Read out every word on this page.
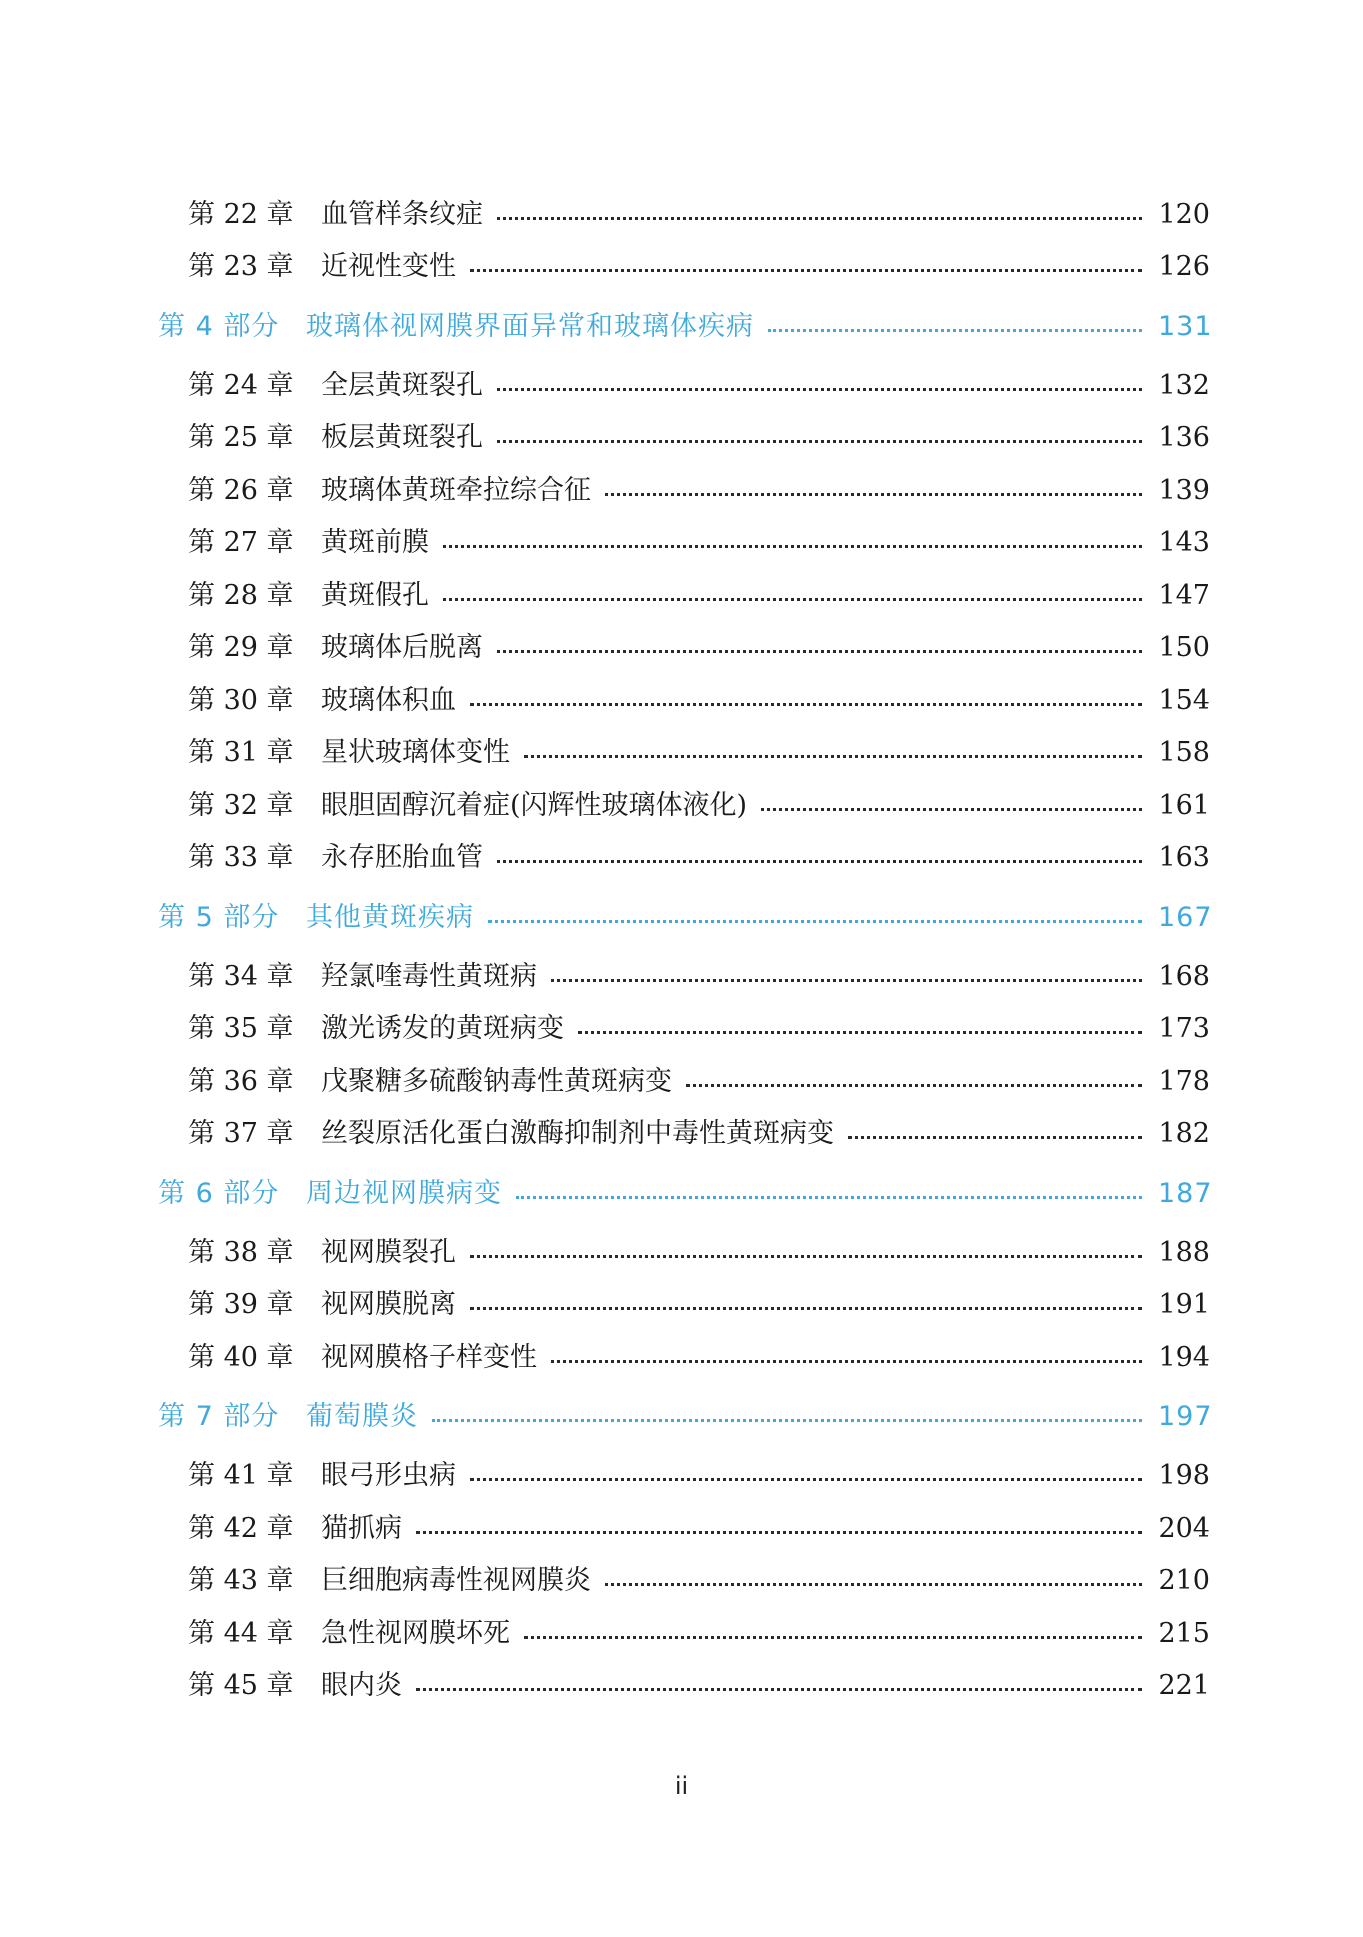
第 22 章	血管样条纹症	120
第 23 章	近视性变性	126
第 4 部分 玻璃体视网膜界面异常和玻璃体疾病	131
第 24 章	全层黄斑裂孔	132
第 25 章	板层黄斑裂孔	136
第 26 章	玻璃体黄斑牵拉综合征	139
第 27 章	黄斑前膜	143
第 28 章	黄斑假孔	147
第 29 章	玻璃体后脱离	150
第 30 章	玻璃体积血	154
第 31 章	星状玻璃体变性	158
第 32 章	眼胆固醇沉着症(闪辉性玻璃体液化)	161
第 33 章	永存胚胎血管	163
第 5 部分 其他黄斑疾病	167
第 34 章	羟氯喹毒性黄斑病	168
第 35 章	激光诱发的黄斑病变	173
第 36 章	戊聚糖多硫酸钠毒性黄斑病变	178
第 37 章	丝裂原活化蛋白激酶抑制剂中毒性黄斑病变	182
第 6 部分 周边视网膜病变	187
第 38 章	视网膜裂孔	188
第 39 章	视网膜脱离	191
第 40 章	视网膜格子样变性	194
第 7 部分 葡萄膜炎	197
第 41 章	眼弓形虫病	198
第 42 章	猫抓病	204
第 43 章	巨细胞病毒性视网膜炎	210
第 44 章	急性视网膜坏死	215
第 45 章	眼内炎	221
ii
